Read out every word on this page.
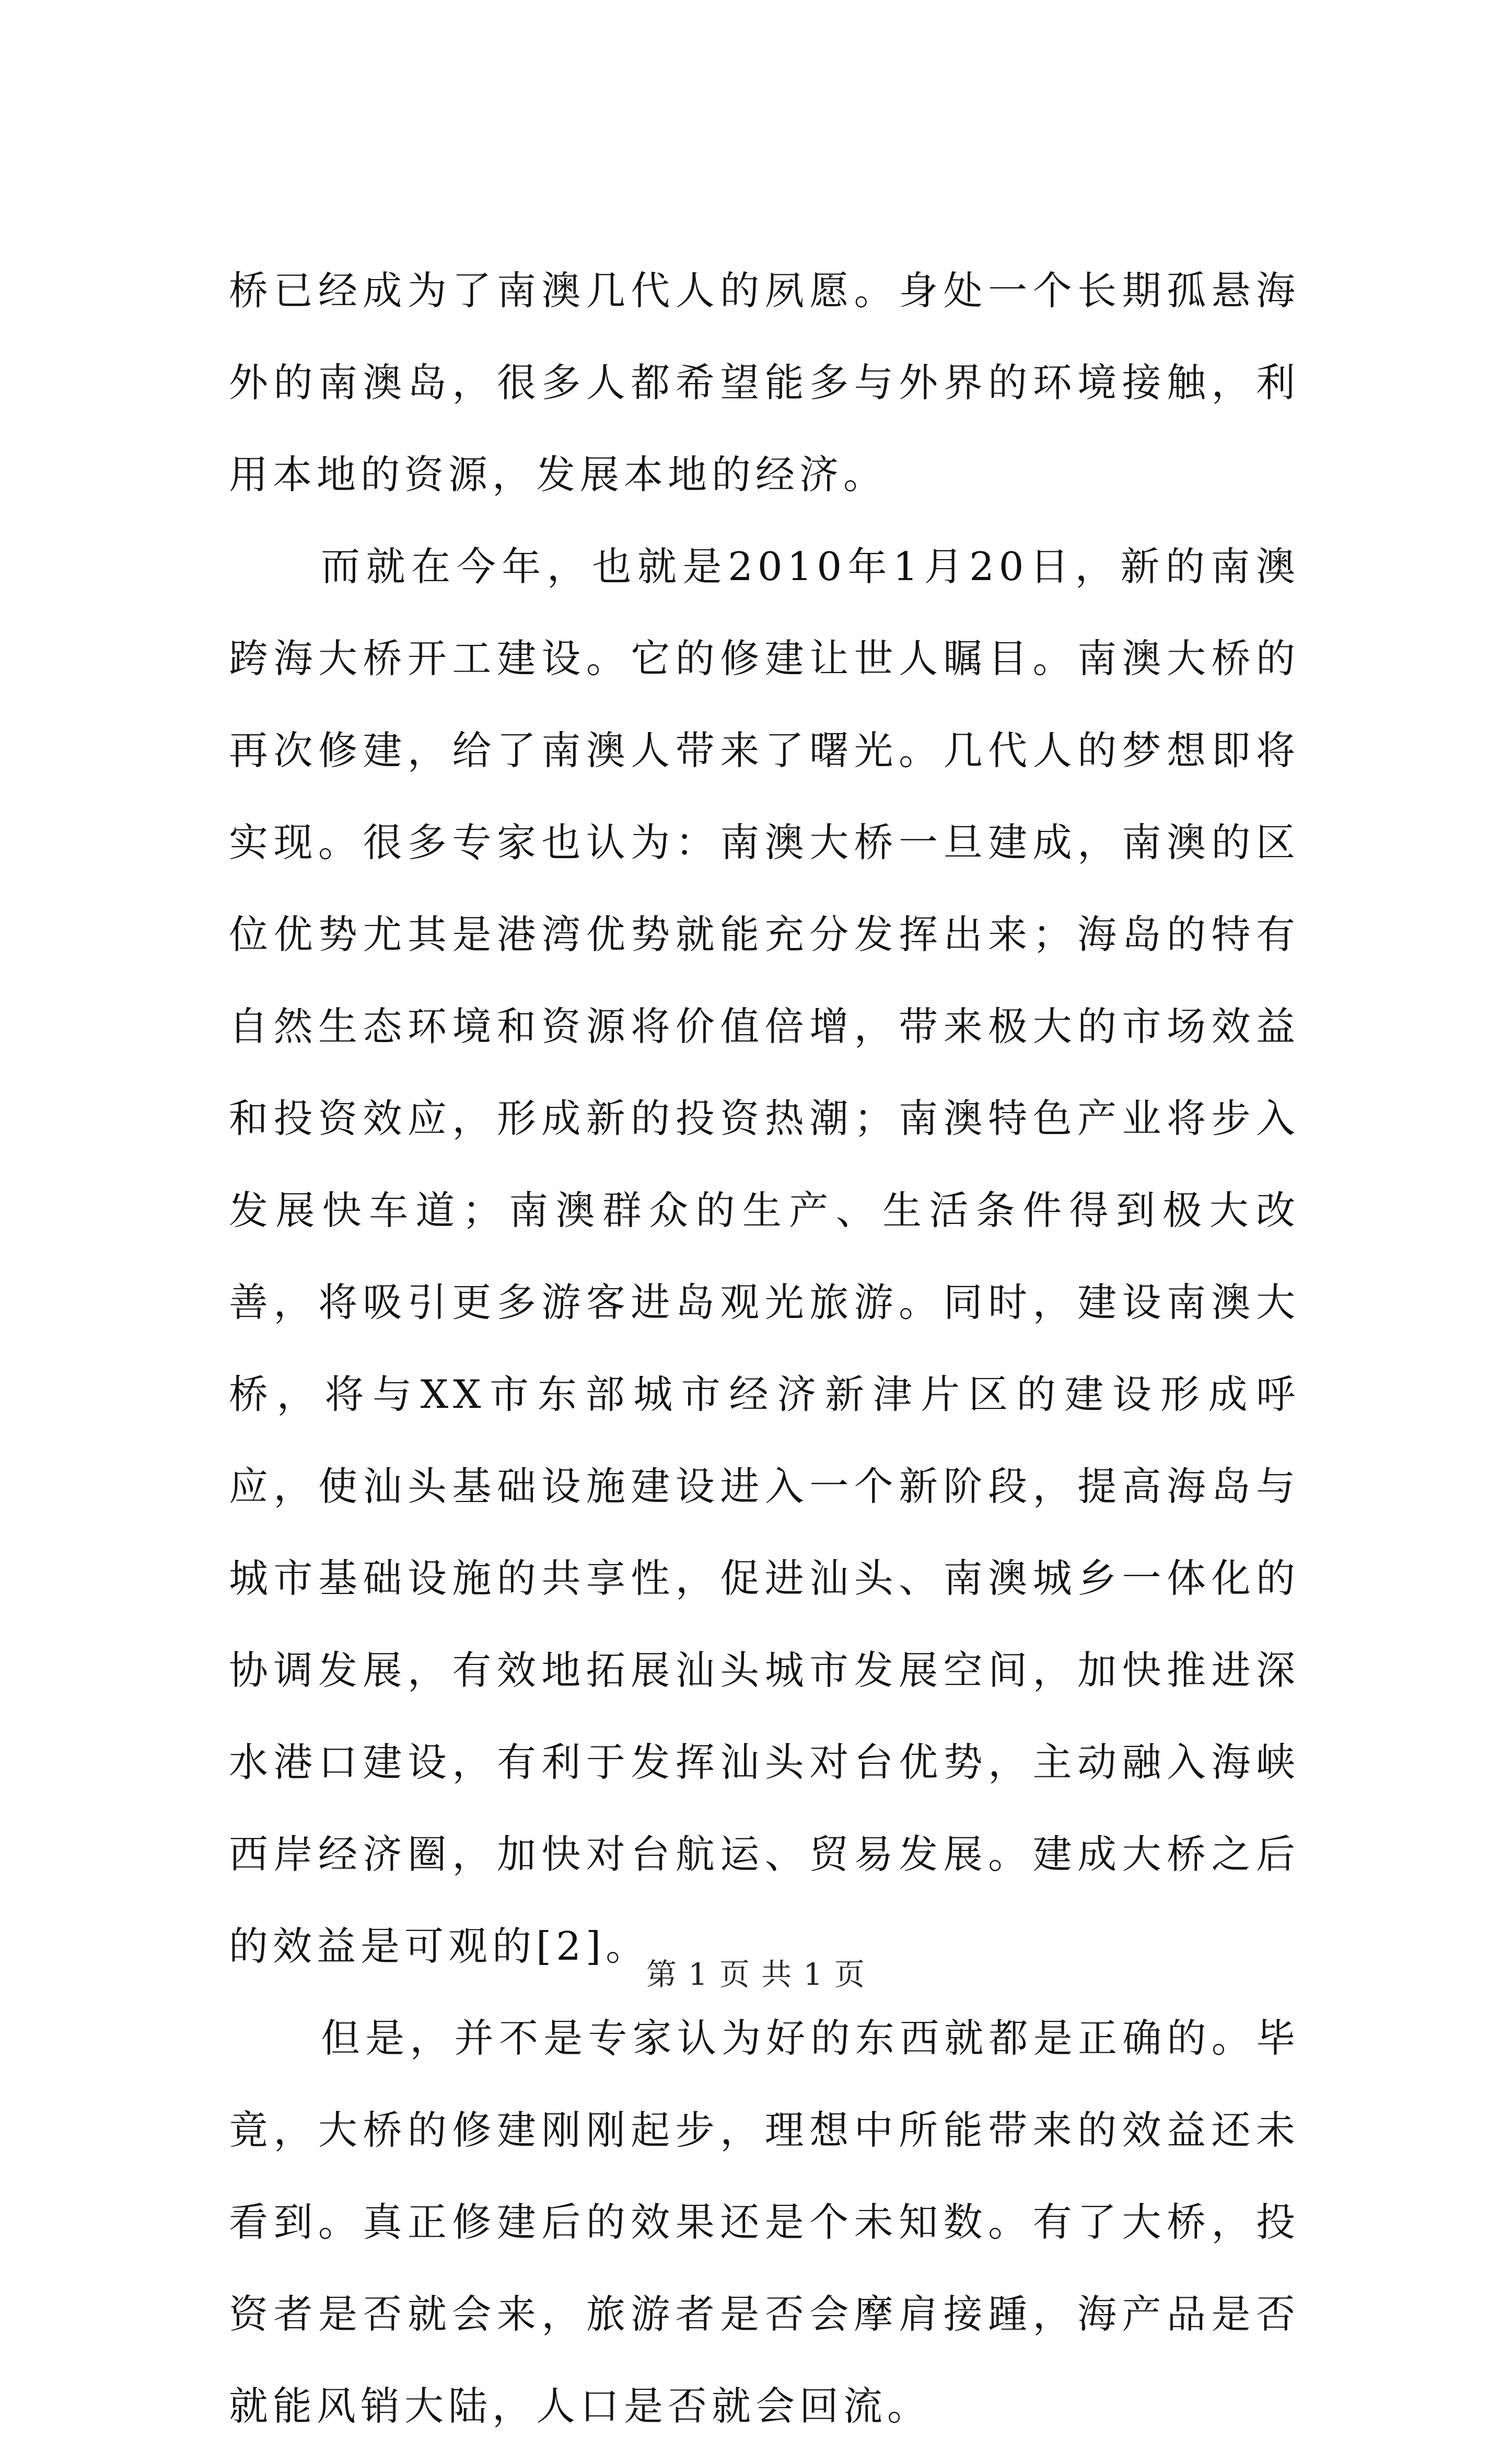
桥已经成为了南澳几代人的夙愿。身处一个长期孤悬海外的南澳岛，很多人都希望能多与外界的环境接触，利用本地的资源，发展本地的经济。

而就在今年，也就是2010年1月20日，新的南澳跨海大桥开工建设。它的修建让世人瞩目。南澳大桥的再次修建，给了南澳人带来了曙光。几代人的梦想即将实现。很多专家也认为：南澳大桥一旦建成，南澳的区位优势尤其是港湾优势就能充分发挥出来；海岛的特有自然生态环境和资源将价值倍增，带来极大的市场效益和投资效应，形成新的投资热潮；南澳特色产业将步入发展快车道；南澳群众的生产、生活条件得到极大改善，将吸引更多游客进岛观光旅游。同时，建设南澳大桥，将与XX市东部城市经济新津片区的建设形成呼应，使汕头基础设施建设进入一个新阶段，提高海岛与城市基础设施的共享性，促进汕头、南澳城乡一体化的协调发展，有效地拓展汕头城市发展空间，加快推进深水港口建设，有利于发挥汕头对台优势，主动融入海峡西岸经济圈，加快对台航运、贸易发展。建成大桥之后的效益是可观的[2]。

但是，并不是专家认为好的东西就都是正确的。毕竟，大桥的修建刚刚起步，理想中所能带来的效益还未看到。真正修建后的效果还是个未知数。有了大桥，投资者是否就会来，旅游者是否会摩肩接踵，海产品是否就能风销大陆，人口是否就会回流。

第 1 页 共 1 页
